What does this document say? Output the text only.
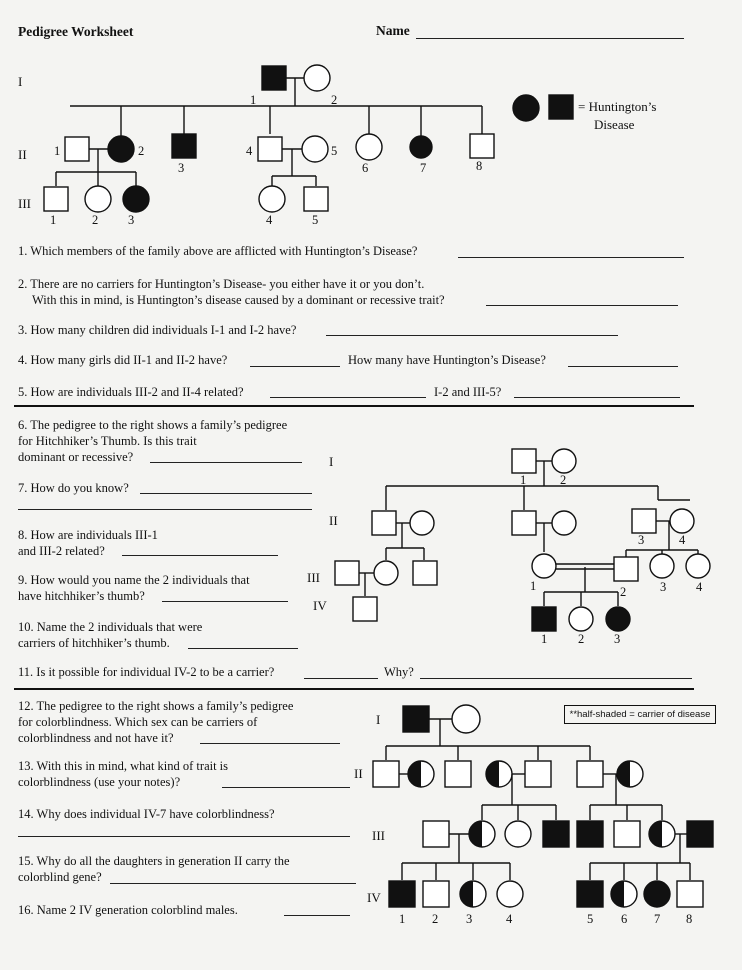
Pedigree Worksheet	Name
I
II
III
1	2
1	2
3
4	5
6	7	8
1	2 3	4	5
= Huntington’s
Disease
1. Which members of the family above are afflicted with Huntington’s Disease?
2. There are no carriers for Huntington’s Disease- you either have it or you don’t.
With this in mind, is Huntington’s disease caused by a dominant or recessive trait?
3. How many children did individuals I-1 and I-2 have?
4. How many girls did II-1 and II-2 have?	How many have Huntington’s Disease?
5. How are individuals III-2 and II-4 related?	I-2 and III-5?
I
II
III
IV
1	2
3	4
1	2	3 4
1 2 3
6. The pedigree to the right shows a family’s pedigree
for Hitchhiker’s Thumb. Is this trait
dominant or recessive?
7. How do you know?
8. How are individuals III-1
and III-2 related?
9. How would you name the 2 individuals that
have hitchhiker’s thumb?
10. Name the 2 individuals that were
carriers of hitchhiker’s thumb.
11. Is it possible for individual IV-2 to be a carrier?	Why?
I
II
III
IV
1 2 3	4	5 6 7 8
**half-shaded = carrier of disease
12. The pedigree to the right shows a family’s pedigree
for colorblindness. Which sex can be carriers of
colorblindness and not have it?
13. With this in mind, what kind of trait is
colorblindness (use your notes)?
14. Why does individual IV-7 have colorblindness?
15. Why do all the daughters in generation II carry the
colorblind gene?
16. Name 2 IV generation colorblind males.
